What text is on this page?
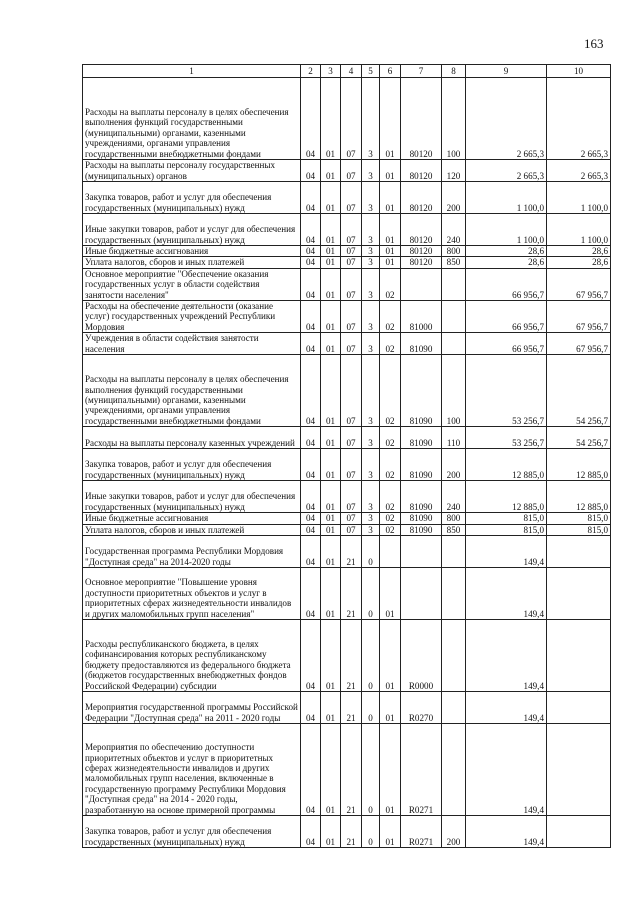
163
1	2	3	4	5	6	7	8	9	10
Расходы на выплаты персоналу в целях обеспечения выполнения функций государственными (муниципальными) органами, казенными учреждениями, органами управления государственными внебюджетными фондами	04	01	07	3	01	80120	100	2 665,3	2 665,3
Расходы на выплаты персоналу государственных (муниципальных) органов	04	01	07	3	01	80120	120	2 665,3	2 665,3
Закупка товаров, работ и услуг для обеспечения государственных (муниципальных) нужд	04	01	07	3	01	80120	200	1 100,0	1 100,0
Иные закупки товаров, работ и услуг для обеспечения государственных (муниципальных) нужд	04	01	07	3	01	80120	240	1 100,0	1 100,0
Иные бюджетные ассигнования	04	01	07	3	01	80120	800	28,6	28,6
Уплата налогов, сборов и иных платежей	04	01	07	3	01	80120	850	28,6	28,6
Основное мероприятие "Обеспечение оказания государственных услуг в области содействия занятости населения"	04	01	07	3	02			66 956,7	67 956,7
Расходы на обеспечение деятельности (оказание услуг) государственных учреждений Республики Мордовия	04	01	07	3	02	81000		66 956,7	67 956,7
Учреждения в области содействия занятости населения	04	01	07	3	02	81090		66 956,7	67 956,7
Расходы на выплаты персоналу в целях обеспечения выполнения функций государственными (муниципальными) органами, казенными учреждениями, органами управления государственными внебюджетными фондами	04	01	07	3	02	81090	100	53 256,7	54 256,7
Расходы на выплаты персоналу казенных учреждений	04	01	07	3	02	81090	110	53 256,7	54 256,7
Закупка товаров, работ и услуг для обеспечения государственных (муниципальных) нужд	04	01	07	3	02	81090	200	12 885,0	12 885,0
Иные закупки товаров, работ и услуг для обеспечения государственных (муниципальных) нужд	04	01	07	3	02	81090	240	12 885,0	12 885,0
Иные бюджетные ассигнования	04	01	07	3	02	81090	800	815,0	815,0
Уплата налогов, сборов и иных платежей	04	01	07	3	02	81090	850	815,0	815,0
Государственная программа Республики Мордовия "Доступная среда" на 2014-2020 годы	04	01	21	0				149,4	
Основное мероприятие "Повышение уровня доступности приоритетных объектов и услуг в приоритетных сферах жизнедеятельности инвалидов и других маломобильных групп населения"	04	01	21	0	01			149,4	
Расходы республиканского бюджета, в целях софинансирования которых республиканскому бюджету предоставляются из федерального бюджета (бюджетов государственных внебюджетных фондов Российской Федерации) субсидии	04	01	21	0	01	R0000		149,4	
Мероприятия государственной программы Российской Федерации "Доступная среда" на 2011 - 2020 годы	04	01	21	0	01	R0270		149,4	
Мероприятия по обеспечению доступности приоритетных объектов и услуг в приоритетных сферах жизнедеятельности инвалидов и других маломобильных групп населения, включенные в государственную программу Республики Мордовия "Доступная среда" на 2014 - 2020 годы, разработанную на основе примерной программы	04	01	21	0	01	R0271		149,4	
Закупка товаров, работ и услуг для обеспечения государственных (муниципальных) нужд	04	01	21	0	01	R0271	200	149,4	
